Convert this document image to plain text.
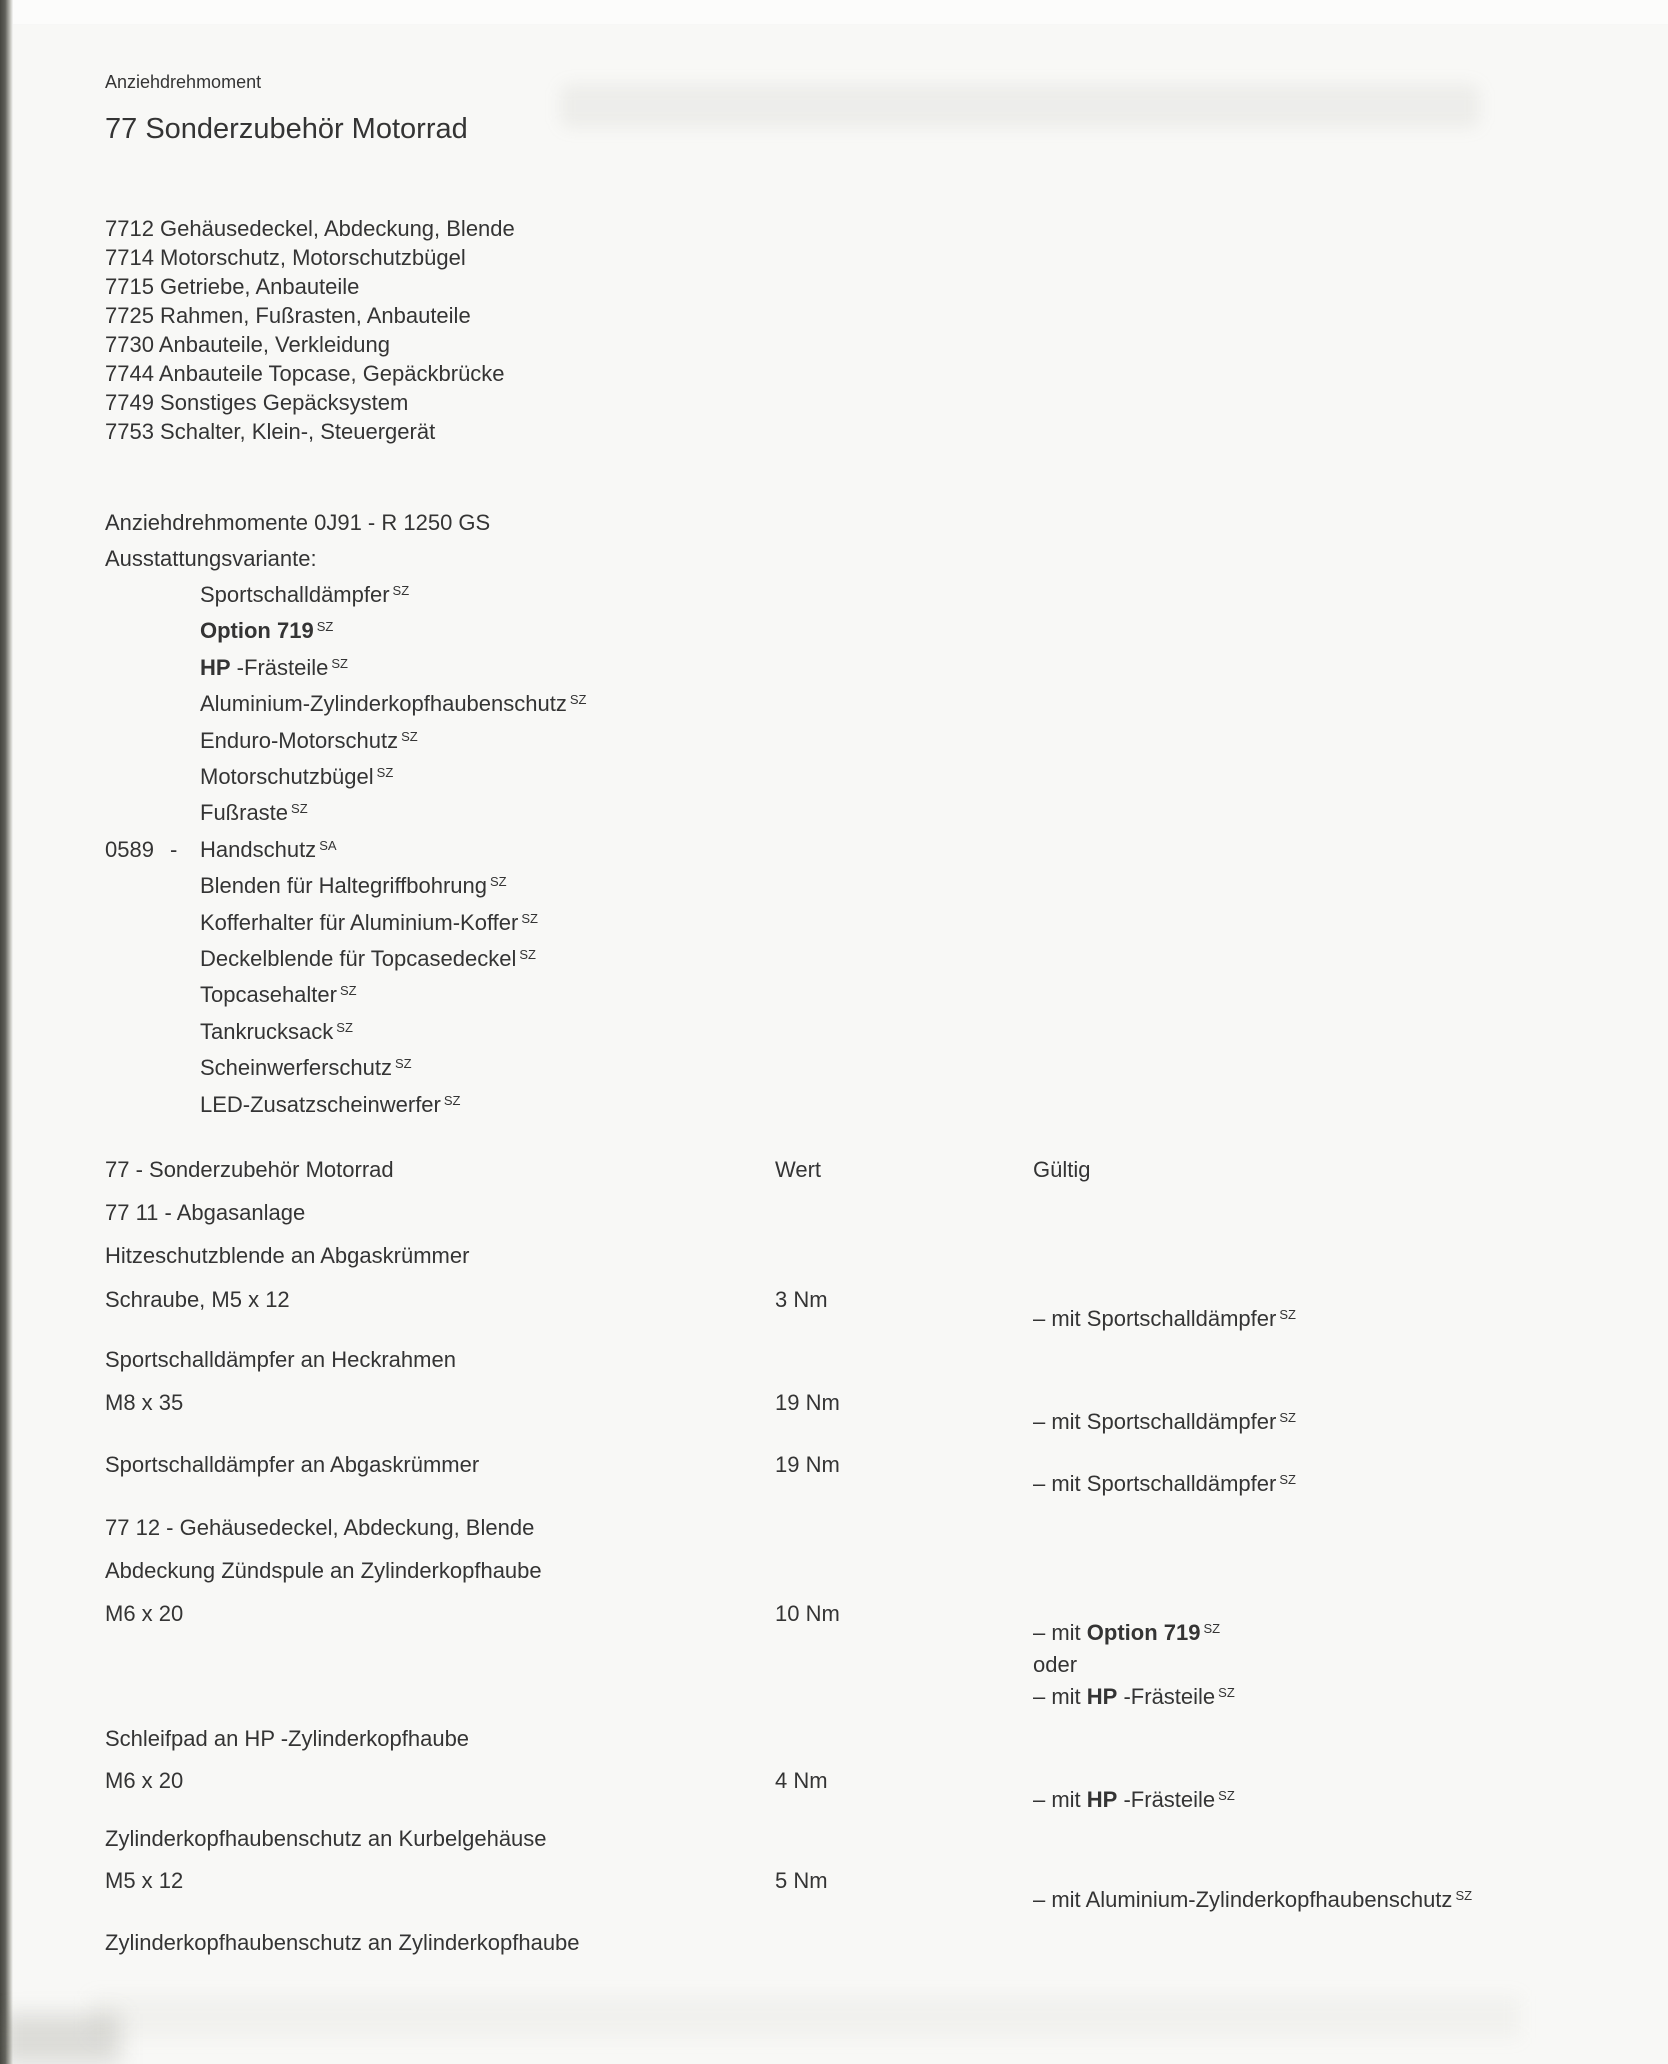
Anziehdrehmoment
77 Sonderzubehör Motorrad
7712 Gehäusedeckel, Abdeckung, Blende
7714 Motorschutz, Motorschutzbügel
7715 Getriebe, Anbauteile
7725 Rahmen, Fußrasten, Anbauteile
7730 Anbauteile, Verkleidung
7744 Anbauteile Topcase, Gepäckbrücke
7749 Sonstiges Gepäcksystem
7753 Schalter, Klein-, Steuergerät
Anziehdrehmomente 0J91 - R 1250 GS
Ausstattungsvariante:
Sportschalldämpfer $^{SZ}$
Option 719 $^{SZ}$
HP -Frästeile $^{SZ}$
Aluminium-Zylinderkopfhaubenschutz $^{SZ}$
Enduro-Motorschutz $^{SZ}$
Motorschutzbügel $^{SZ}$
Fußraste $^{SZ}$
0589 -	Handschutz $^{SA}$
Blenden für Haltegriffbohrung $^{SZ}$
Kofferhalter für Aluminium-Koffer $^{SZ}$
Deckelblende für Topcasedeckel $^{SZ}$
Topcasehalter $^{SZ}$
Tankrucksack $^{SZ}$
Scheinwerferschutz $^{SZ}$
LED-Zusatzscheinwerfer $^{SZ}$
77 - Sonderzubehör Motorrad	Wert	Gültig
77 11 - Abgasanlage
Hitzeschutzblende an Abgaskrümmer
Schraube, M5 x 12	3 Nm
– mit Sportschalldämpfer $^{SZ}$
Sportschalldämpfer an Heckrahmen
M8 x 35	19 Nm
– mit Sportschalldämpfer $^{SZ}$
Sportschalldämpfer an Abgaskrümmer	19 Nm
– mit Sportschalldämpfer $^{SZ}$
77 12 - Gehäusedeckel, Abdeckung, Blende
Abdeckung Zündspule an Zylinderkopfhaube
M6 x 20	10 Nm
– mit Option 719 $^{SZ}$
oder
– mit HP -Frästeile $^{SZ}$
Schleifpad an HP -Zylinderkopfhaube
M6 x 20	4 Nm
– mit HP -Frästeile $^{SZ}$
Zylinderkopfhaubenschutz an Kurbelgehäuse
M5 x 12	5 Nm
– mit Aluminium-Zylinderkopfhaubenschutz $^{SZ}$
Zylinderkopfhaubenschutz an Zylinderkopfhaube
